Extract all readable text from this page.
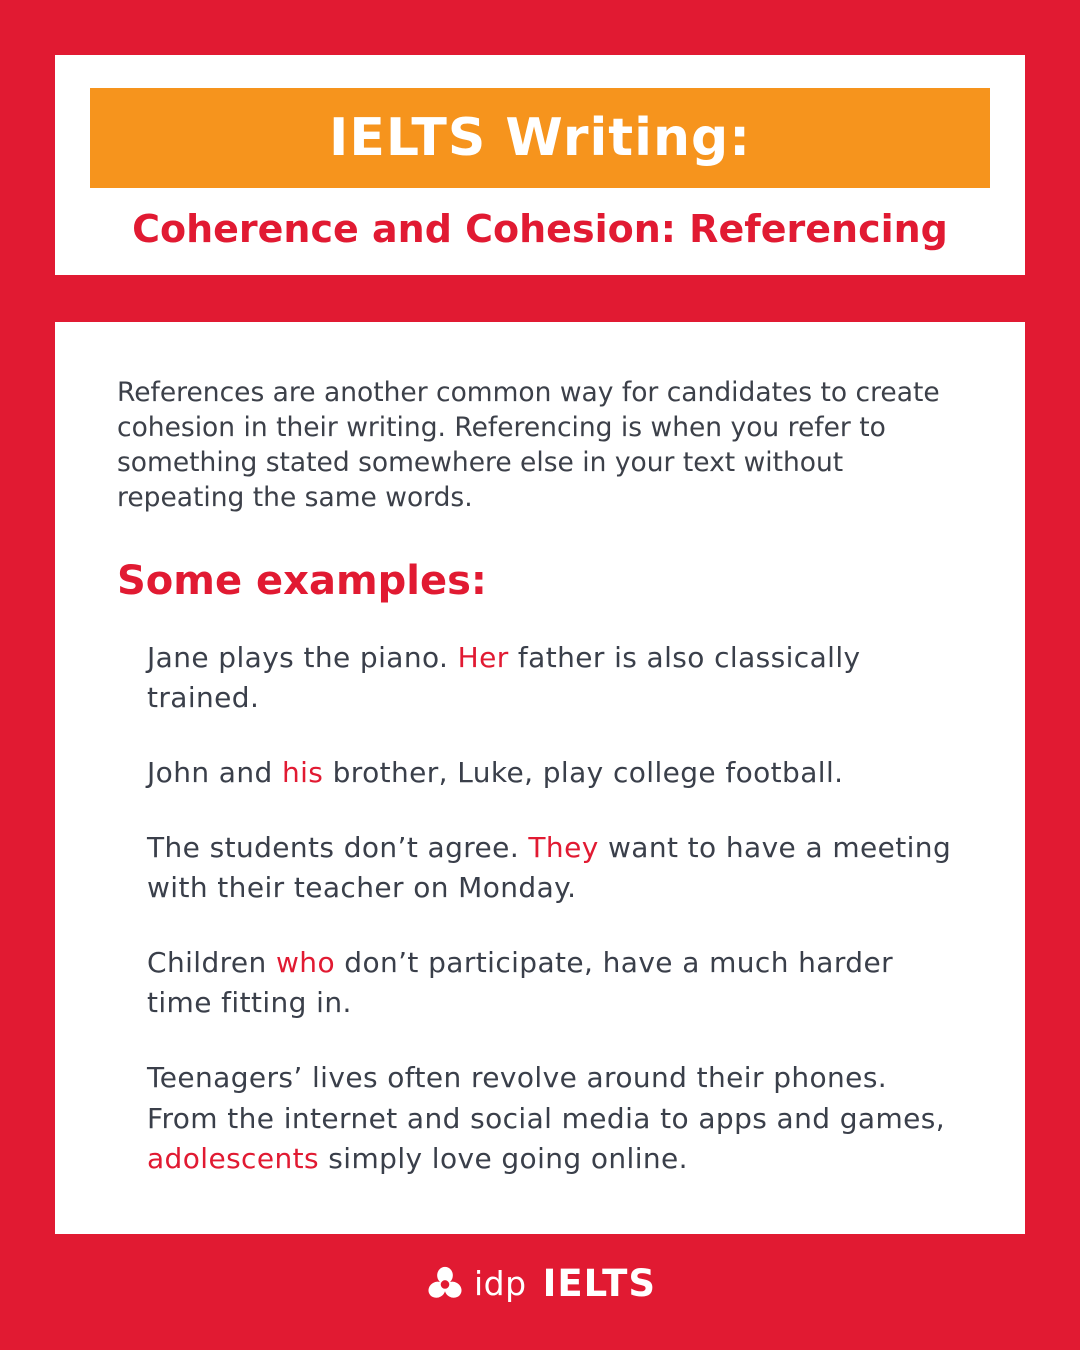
IELTS Writing:
Coherence and Cohesion: Referencing

References are another common way for candidates to create cohesion in their writing. Referencing is when you refer to something stated somewhere else in your text without repeating the same words.

Some examples:

Jane plays the piano. Her father is also classically trained.

John and his brother, Luke, play college football.

The students don’t agree. They want to have a meeting with their teacher on Monday.

Children who don’t participate, have a much harder time fitting in.

Teenagers’ lives often revolve around their phones. From the internet and social media to apps and games, adolescents simply love going online.

idp IELTS
